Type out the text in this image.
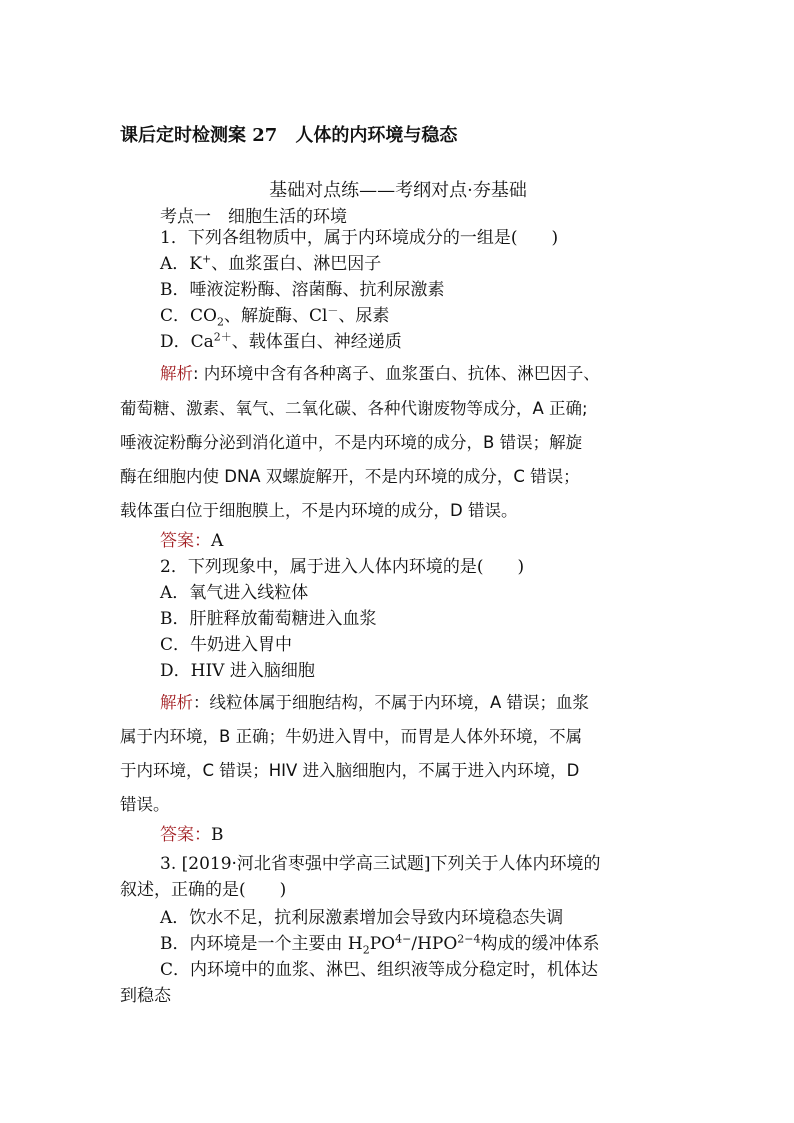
课后定时检测案 27　人体的内环境与稳态
基础对点练——考纲对点·夯基础
考点一　细胞生活的环境
1．下列各组物质中，属于内环境成分的一组是(　　)
A．K+、血浆蛋白、淋巴因子
B．唾液淀粉酶、溶菌酶、抗利尿激素
C．$CO_2$、解旋酶、Cl－、尿素
D．$Ca^{2+}$、载体蛋白、神经递质
解析: 内环境中含有各种离子、血浆蛋白、抗体、淋巴因子、
葡萄糖、激素、氧气、二氧化碳、各种代谢废物等成分，A 正确;
唾液淀粉酶分泌到消化道中，不是内环境的成分，B 错误；解旋
酶在细胞内使 DNA 双螺旋解开，不是内环境的成分，C 错误；
载体蛋白位于细胞膜上，不是内环境的成分，D 错误。
答案：A
2．下列现象中，属于进入人体内环境的是(　　)
A．氧气进入线粒体
B．肝脏释放葡萄糖进入血浆
C．牛奶进入胃中
D．HIV 进入脑细胞
解析：线粒体属于细胞结构，不属于内环境，A 错误；血浆
属于内环境，B 正确；牛奶进入胃中，而胃是人体外环境，不属
于内环境，C 错误；HIV 进入脑细胞内，不属于进入内环境，D
错误。
答案：B
3. [2019·河北省枣强中学高三试题]下列关于人体内环境的
叙述，正确的是(　　)
A．饮水不足，抗利尿激素增加会导致内环境稳态失调
B．内环境是一个主要由 $H_2PO^{4-}/HPO^{2-4}$构成的缓冲体系
C．内环境中的血浆、淋巴、组织液等成分稳定时，机体达
到稳态
